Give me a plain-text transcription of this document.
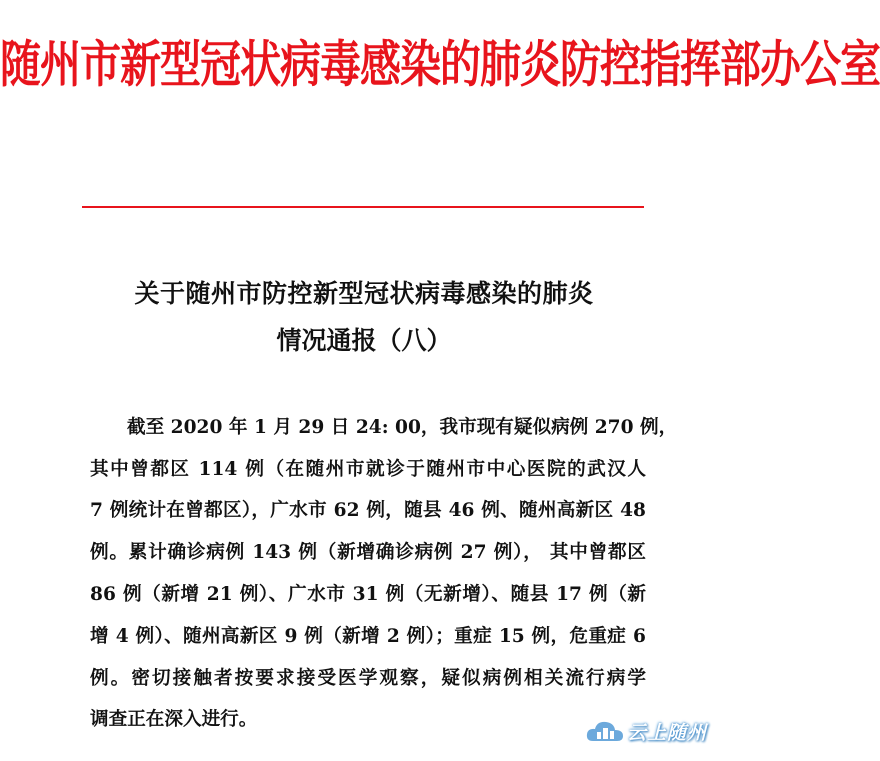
随州市新型冠状病毒感染的肺炎防控指挥部办公室
关于随州市防控新型冠状病毒感染的肺炎
情况通报（八）
截至 2020 年 1 月 29 日 24: 00，我市现有疑似病例 270 例，
其中曾都区 114 例（在随州市就诊于随州市中心医院的武汉人
7 例统计在曾都区），广水市 62 例，随县 46 例、随州高新区 48
例。累计确诊病例 143 例（新增确诊病例 27 例）， 其中曾都区
86 例（新增 21 例）、广水市 31 例（无新增）、随县 17 例（新
增 4 例）、随州高新区 9 例（新增 2 例）；重症 15 例，危重症 6
例。密切接触者按要求接受医学观察，疑似病例相关流行病学
调查正在深入进行。
云上随州
